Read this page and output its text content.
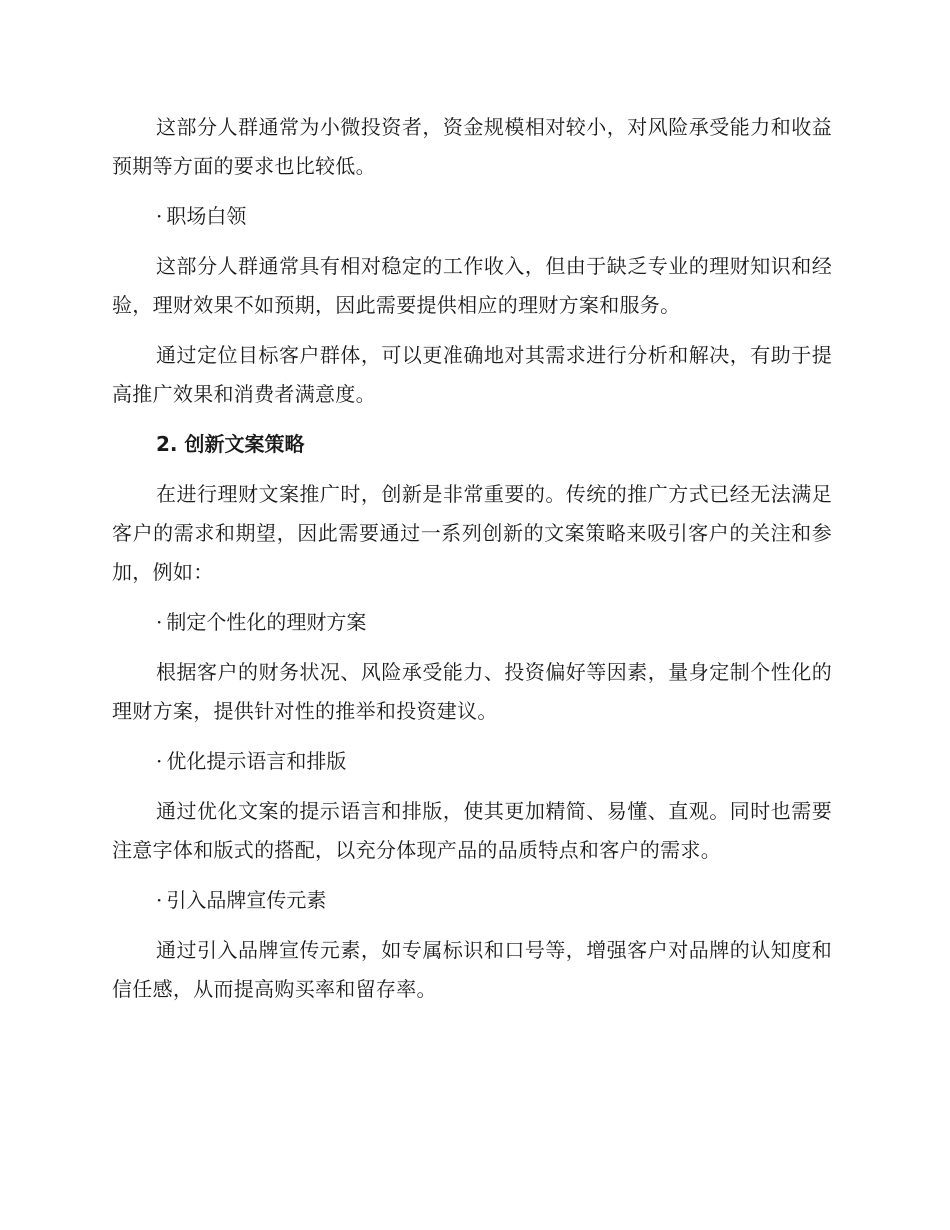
这部分人群通常为小微投资者，资金规模相对较小，对风险承受能力和收益预期等方面的要求也比较低。

· 职场白领

这部分人群通常具有相对稳定的工作收入，但由于缺乏专业的理财知识和经验，理财效果不如预期，因此需要提供相应的理财方案和服务。

通过定位目标客户群体，可以更准确地对其需求进行分析和解决，有助于提高推广效果和消费者满意度。

2. 创新文案策略

在进行理财文案推广时，创新是非常重要的。传统的推广方式已经无法满足客户的需求和期望，因此需要通过一系列创新的文案策略来吸引客户的关注和参加，例如：

· 制定个性化的理财方案

根据客户的财务状况、风险承受能力、投资偏好等因素，量身定制个性化的理财方案，提供针对性的推举和投资建议。

· 优化提示语言和排版

通过优化文案的提示语言和排版，使其更加精简、易懂、直观。同时也需要注意字体和版式的搭配，以充分体现产品的品质特点和客户的需求。

· 引入品牌宣传元素

通过引入品牌宣传元素，如专属标识和口号等，增强客户对品牌的认知度和信任感，从而提高购买率和留存率。
